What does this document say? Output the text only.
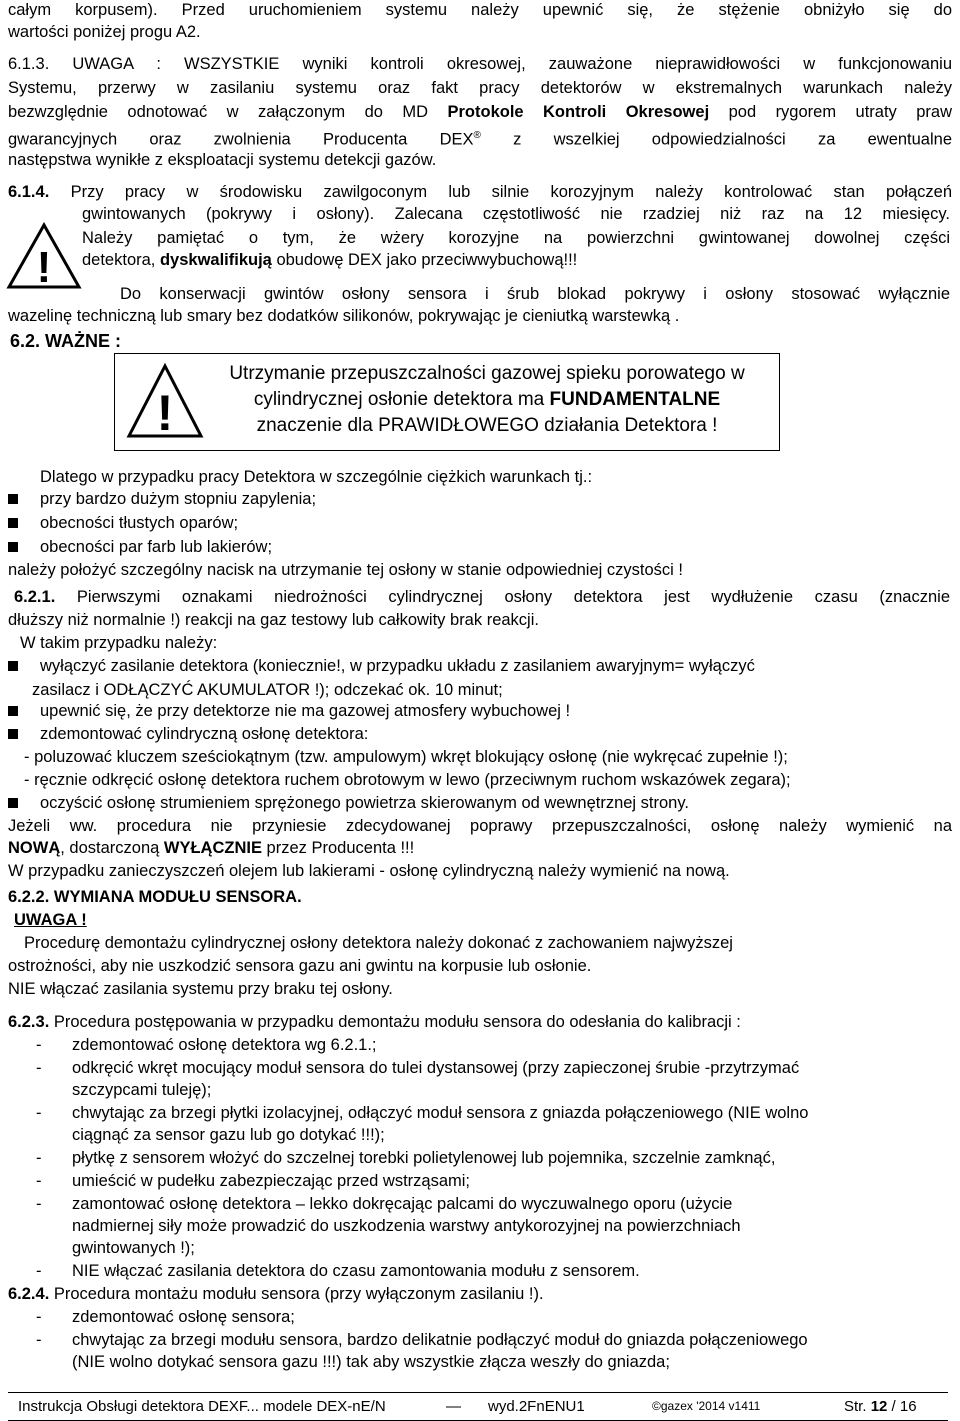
całym korpusem). Przed uruchomieniem systemu należy upewnić się, że stężenie obniżyło się do
wartości poniżej progu A2.
6.1.3. UWAGA : WSZYSTKIE wyniki kontroli okresowej, zauważone nieprawidłowości w funkcjonowaniu
Systemu, przerwy w zasilaniu systemu oraz fakt pracy detektorów w ekstremalnych warunkach należy
bezwzględnie odnotować w załączonym do MD Protokole Kontroli Okresowej pod rygorem utraty praw
gwarancyjnych oraz zwolnienia Producenta DEX® z wszelkiej odpowiedzialności za ewentualne
następstwa wynikłe z eksploatacji systemu detekcji gazów.
6.1.4. Przy pracy w środowisku zawilgoconym lub silnie korozyjnym należy kontrolować stan połączeń
gwintowanych (pokrywy i osłony). Zalecana częstotliwość nie rzadziej niż raz na 12 miesięcy.
!
Należy pamiętać o tym, że wżery korozyjne na powierzchni gwintowanej dowolnej części
detektora, dyskwalifikują obudowę DEX jako przeciwwybuchową!!!
Do konserwacji gwintów osłony sensora i śrub blokad pokrywy i osłony stosować wyłącznie
wazelinę techniczną lub smary bez dodatków silikonów, pokrywając je cieniutką warstewką .
6.2. WAŻNE :
!
Utrzymanie przepuszczalności gazowej spieku porowatego w
cylindrycznej osłonie detektora ma FUNDAMENTALNE
znaczenie dla PRAWIDŁOWEGO działania Detektora !
Dlatego w przypadku pracy Detektora w szczególnie ciężkich warunkach tj.:
przy bardzo dużym stopniu zapylenia;
obecności tłustych oparów;
obecności par farb lub lakierów;
należy położyć szczególny nacisk na utrzymanie tej osłony w stanie odpowiedniej czystości !
6.2.1. Pierwszymi oznakami niedrożności cylindrycznej osłony detektora jest wydłużenie czasu (znacznie
dłuższy niż normalnie !) reakcji na gaz testowy lub całkowity brak reakcji.
W takim przypadku należy:
wyłączyć zasilanie detektora (koniecznie!, w przypadku układu z zasilaniem awaryjnym= wyłączyć
zasilacz i ODŁĄCZYĆ AKUMULATOR !); odczekać ok. 10 minut;
upewnić się, że przy detektorze nie ma gazowej atmosfery wybuchowej !
zdemontować cylindryczną osłonę detektora:
- poluzować kluczem sześciokątnym (tzw. ampulowym) wkręt blokujący osłonę (nie wykręcać zupełnie !);
- ręcznie odkręcić osłonę detektora ruchem obrotowym w lewo (przeciwnym ruchom wskazówek zegara);
oczyścić osłonę strumieniem sprężonego powietrza skierowanym od wewnętrznej strony.
Jeżeli ww. procedura nie przyniesie zdecydowanej poprawy przepuszczalności, osłonę należy wymienić na
NOWĄ, dostarczoną WYŁĄCZNIE przez Producenta !!!
W przypadku zanieczyszczeń olejem lub lakierami - osłonę cylindryczną należy wymienić na nową.
6.2.2. WYMIANA MODUŁU SENSORA.
UWAGA !
Procedurę demontażu cylindrycznej osłony detektora należy dokonać z zachowaniem najwyższej
ostrożności, aby nie uszkodzić sensora gazu ani gwintu na korpusie lub osłonie.
NIE włączać zasilania systemu przy braku tej osłony.
6.2.3. Procedura postępowania w przypadku demontażu modułu sensora do odesłania do kalibracji :
-	zdemontować osłonę detektora wg 6.2.1.;
-	odkręcić wkręt mocujący moduł sensora do tulei dystansowej (przy zapieczonej śrubie -przytrzymać
szczypcami tuleję);
-	chwytając za brzegi płytki izolacyjnej, odłączyć moduł sensora z gniazda połączeniowego (NIE wolno
ciągnąć za sensor gazu lub go dotykać !!!);
-	płytkę z sensorem włożyć do szczelnej torebki polietylenowej lub pojemnika, szczelnie zamknąć,
-	umieścić w pudełku zabezpieczając przed wstrząsami;
-	zamontować osłonę detektora – lekko dokręcając palcami do wyczuwalnego oporu (użycie
nadmiernej siły może prowadzić do uszkodzenia warstwy antykorozyjnej na powierzchniach
gwintowanych !);
-	NIE włączać zasilania detektora do czasu zamontowania modułu z sensorem.
6.2.4. Procedura montażu modułu sensora (przy wyłączonym zasilaniu !).
-	zdemontować osłonę sensora;
-	chwytając za brzegi modułu sensora, bardzo delikatnie podłączyć moduł do gniazda połączeniowego
(NIE wolno dotykać sensora gazu !!!) tak aby wszystkie złącza weszły do gniazda;
Instrukcja Obsługi detektora DEXF... modele DEX-nE/N	— wyd.2FnENU1	©gazex '2014 v1411	Str. 12 / 16
